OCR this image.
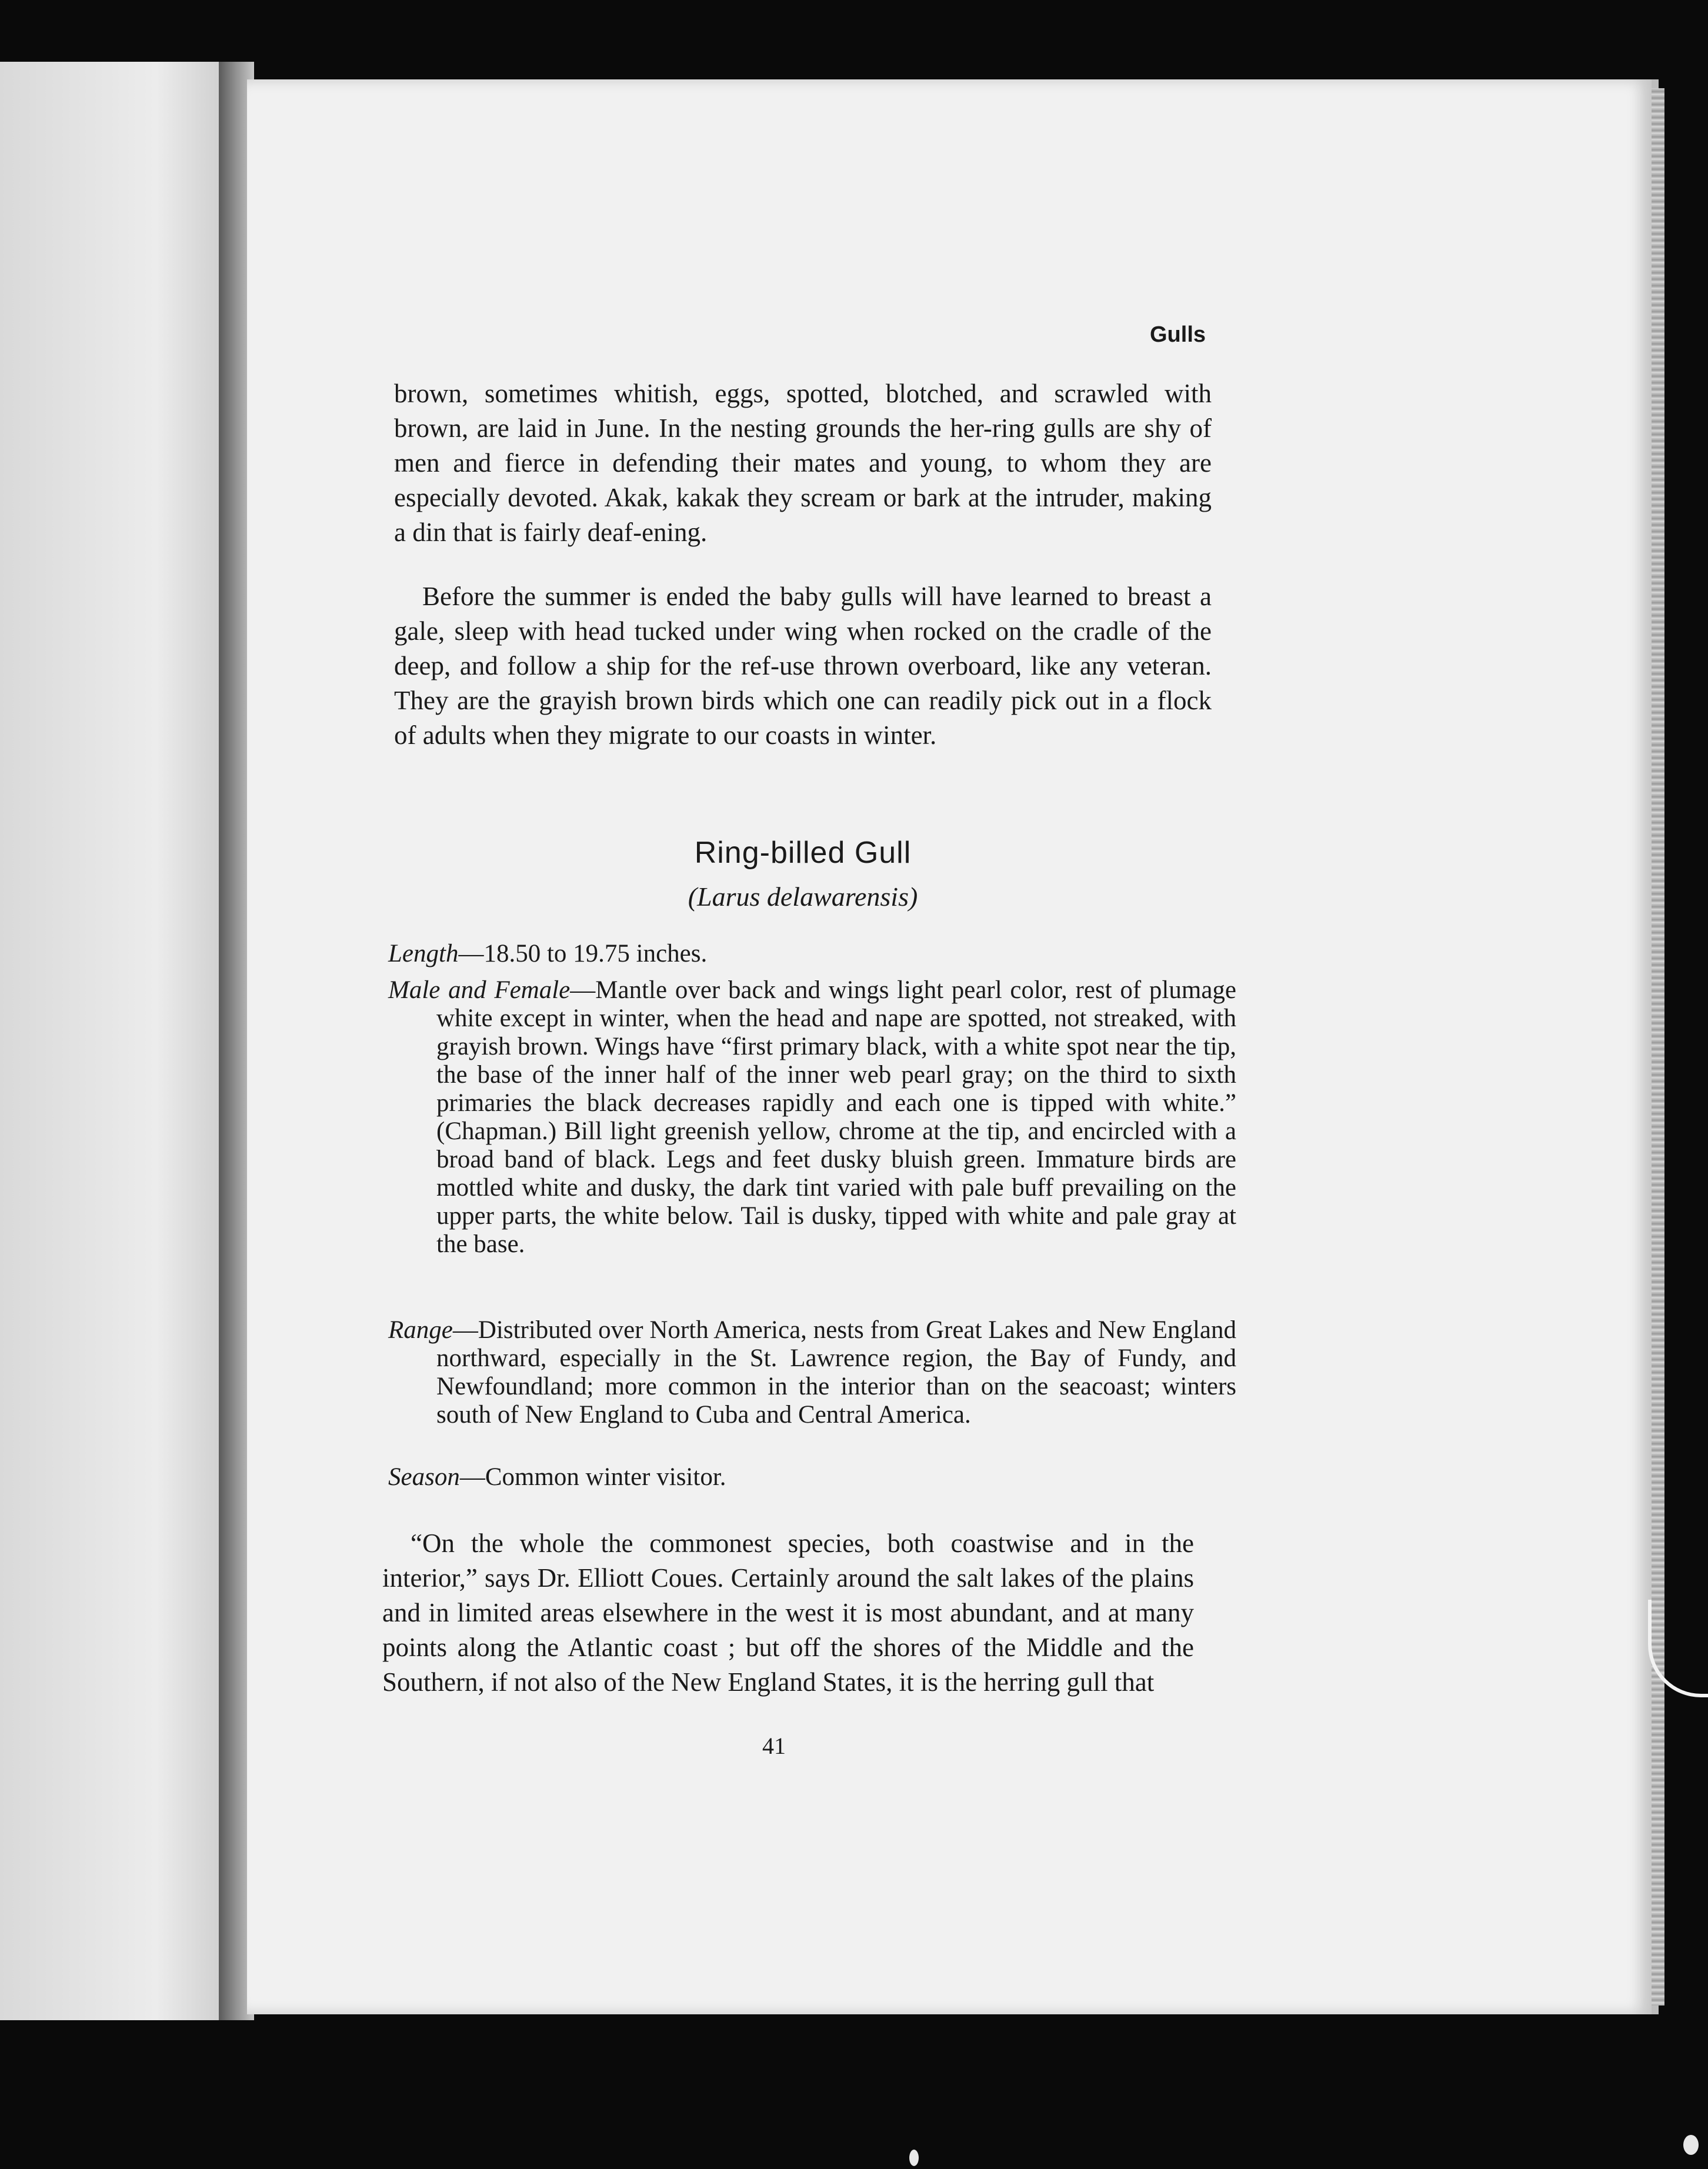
Gulls

brown, sometimes whitish, eggs, spotted, blotched, and scrawled with brown, are laid in June. In the nesting grounds the her-ring gulls are shy of men and fierce in defending their mates and young, to whom they are especially devoted. Akak, kakak they scream or bark at the intruder, making a din that is fairly deaf-ening.

Before the summer is ended the baby gulls will have learned to breast a gale, sleep with head tucked under wing when rocked on the cradle of the deep, and follow a ship for the ref-use thrown overboard, like any veteran. They are the grayish brown birds which one can readily pick out in a flock of adults when they migrate to our coasts in winter.

Ring-billed Gull
(Larus delawarensis)

Length—18.50 to 19.75 inches.

Male and Female—Mantle over back and wings light pearl color, rest of plumage white except in winter, when the head and nape are spotted, not streaked, with grayish brown. Wings have “first primary black, with a white spot near the tip, the base of the inner half of the inner web pearl gray; on the third to sixth primaries the black decreases rapidly and each one is tipped with white.” (Chapman.) Bill light greenish yellow, chrome at the tip, and encircled with a broad band of black. Legs and feet dusky bluish green. Immature birds are mottled white and dusky, the dark tint varied with pale buff prevailing on the upper parts, the white below. Tail is dusky, tipped with white and pale gray at the base.

Range—Distributed over North America, nests from Great Lakes and New England northward, especially in the St. Lawrence region, the Bay of Fundy, and Newfoundland; more common in the interior than on the seacoast; winters south of New England to Cuba and Central America.

Season—Common winter visitor.

“On the whole the commonest species, both coastwise and in the interior,” says Dr. Elliott Coues. Certainly around the salt lakes of the plains and in limited areas elsewhere in the west it is most abundant, and at many points along the Atlantic coast ; but off the shores of the Middle and the Southern, if not also of the New England States, it is the herring gull that

41
